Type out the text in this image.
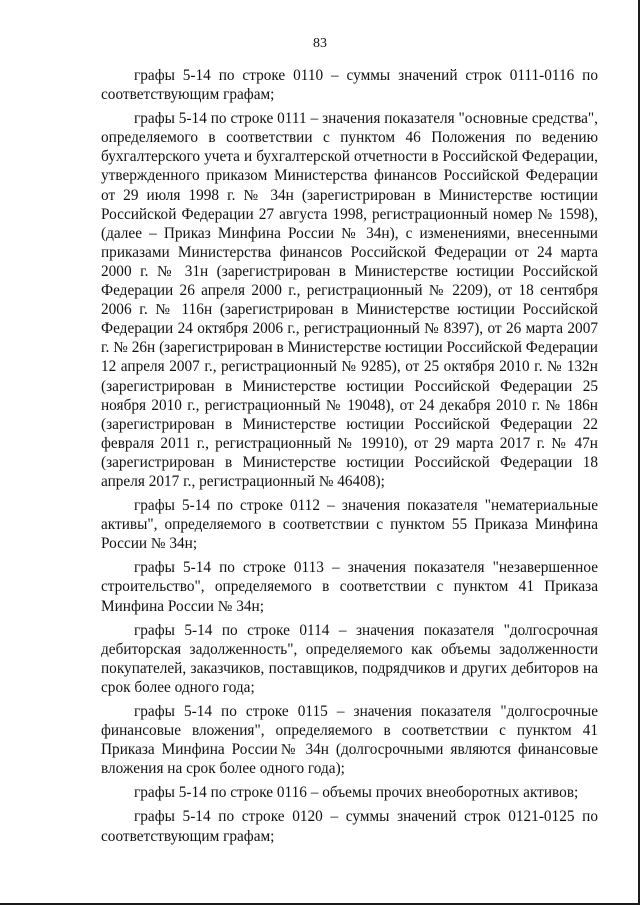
83

графы 5-14 по строке 0110 – суммы значений строк 0111-0116 по соответствующим графам;

графы 5-14 по строке 0111 – значения показателя "основные средства", определяемого в соответствии с пунктом 46 Положения по ведению бухгалтерского учета и бухгалтерской отчетности в Российской Федерации, утвержденного приказом Министерства финансов Российской Федерации от 29 июля 1998 г. № 34н (зарегистрирован в Министерстве юстиции Российской Федерации 27 августа 1998, регистрационный номер № 1598), (далее – Приказ Минфина России № 34н), с изменениями, внесенными приказами Министерства финансов Российской Федерации от 24 марта 2000 г. № 31н (зарегистрирован в Министерстве юстиции Российской Федерации 26 апреля 2000 г., регистрационный № 2209), от 18 сентября 2006 г. № 116н (зарегистрирован в Министерстве юстиции Российской Федерации 24 октября 2006 г., регистрационный № 8397), от 26 марта 2007 г. № 26н (зарегистрирован в Министерстве юстиции Российской Федерации 12 апреля 2007 г., регистрационный № 9285), от 25 октября 2010 г. № 132н (зарегистрирован в Министерстве юстиции Российской Федерации 25 ноября 2010 г., регистрационный № 19048), от 24 декабря 2010 г. № 186н (зарегистрирован в Министерстве юстиции Российской Федерации 22 февраля 2011 г., регистрационный № 19910), от 29 марта 2017 г. № 47н (зарегистрирован в Министерстве юстиции Российской Федерации 18 апреля 2017 г., регистрационный № 46408);

графы 5-14 по строке 0112 – значения показателя "нематериальные активы", определяемого в соответствии с пунктом 55 Приказа Минфина России № 34н;

графы 5-14 по строке 0113 – значения показателя "незавершенное строительство", определяемого в соответствии с пунктом 41 Приказа Минфина России № 34н;

графы 5-14 по строке 0114 – значения показателя "долгосрочная дебиторская задолженность", определяемого как объемы задолженности покупателей, заказчиков, поставщиков, подрядчиков и других дебиторов на срок более одного года;

графы 5-14 по строке 0115 – значения показателя "долгосрочные финансовые вложения", определяемого в соответствии с пунктом 41 Приказа Минфина России№ 34н (долгосрочными являются финансовые вложения на срок более одного года);

графы 5-14 по строке 0116 – объемы прочих внеоборотных активов;

графы 5-14 по строке 0120 – суммы значений строк 0121-0125 по соответствующим графам;
